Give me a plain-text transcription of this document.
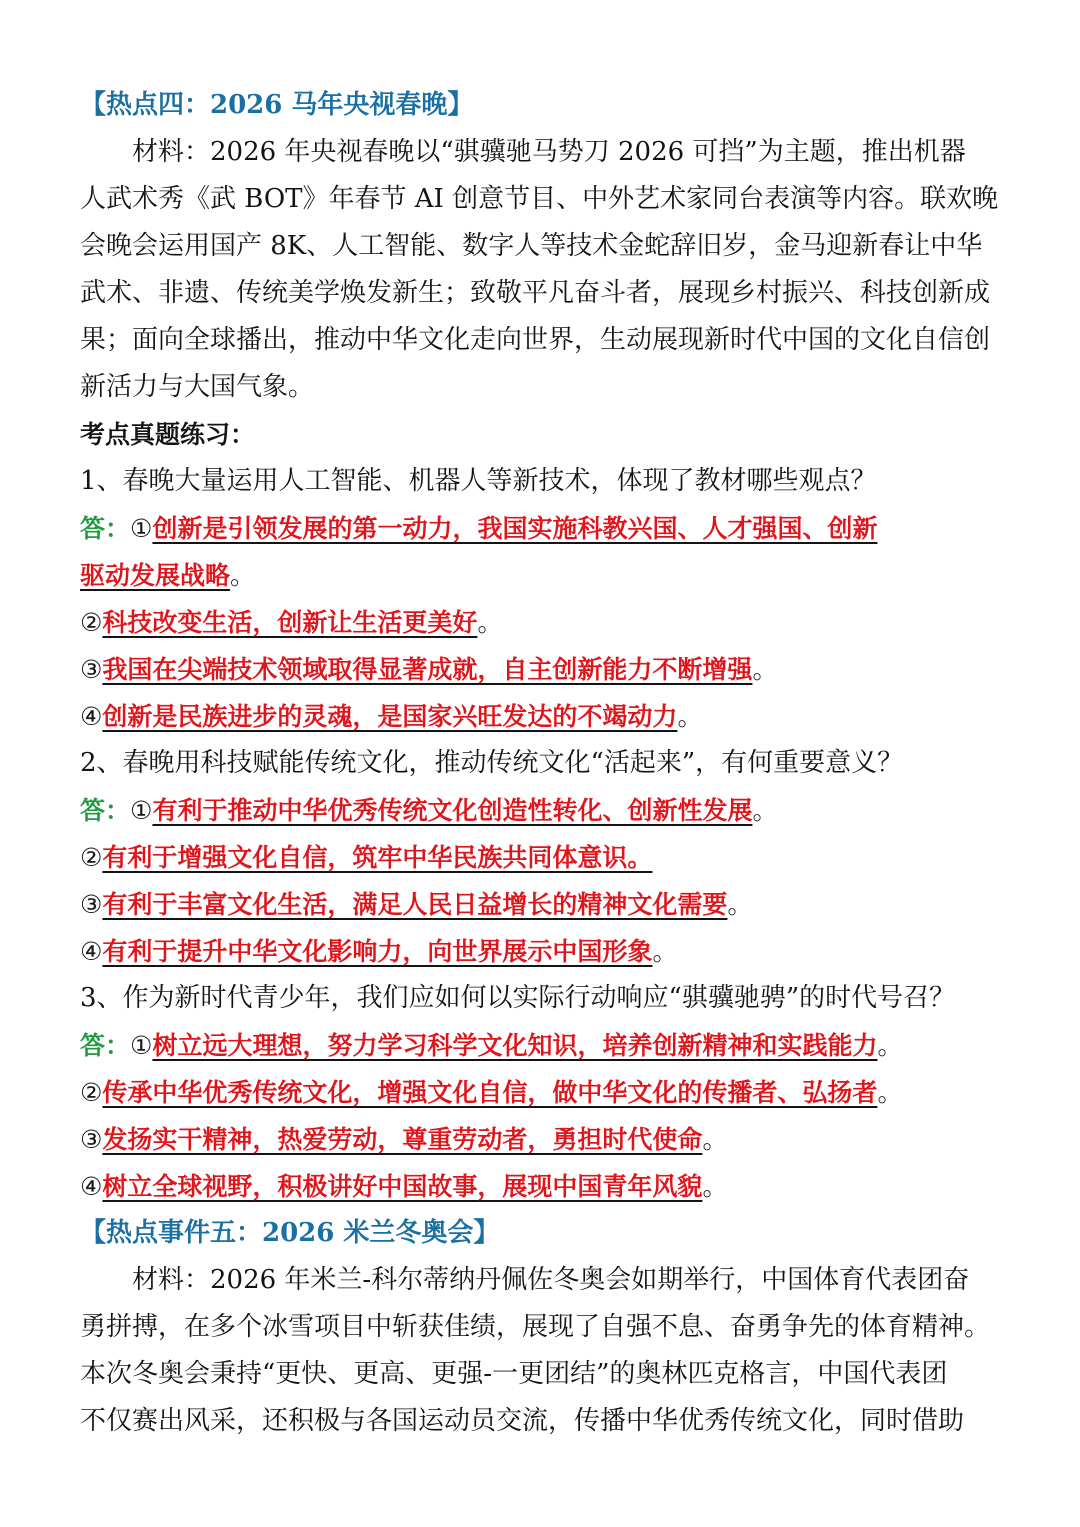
【热点四：2026 马年央视春晚】
材料：2026 年央视春晚以“骐骥驰马势刀 2026 可挡”为主题，推出机器
人武术秀《武 BOT》年春节 AI 创意节目、中外艺术家同台表演等内容。联欢晚
会晚会运用国产 8K、人工智能、数字人等技术金蛇辞旧岁，金马迎新春让中华
武术、非遗、传统美学焕发新生；致敬平凡奋斗者，展现乡村振兴、科技创新成
果；面向全球播出，推动中华文化走向世界，生动展现新时代中国的文化自信创
新活力与大国气象。
考点真题练习：
1、春晚大量运用人工智能、机器人等新技术，体现了教材哪些观点？
答：①创新是引领发展的第一动力，我国实施科教兴国、人才强国、创新
驱动发展战略。
②科技改变生活，创新让生活更美好。
③我国在尖端技术领域取得显著成就，自主创新能力不断增强。
④创新是民族进步的灵魂，是国家兴旺发达的不竭动力。
2、春晚用科技赋能传统文化，推动传统文化“活起来”，有何重要意义？
答：①有利于推动中华优秀传统文化创造性转化、创新性发展。
②有利于增强文化自信，筑牢中华民族共同体意识。
③有利于丰富文化生活，满足人民日益增长的精神文化需要。
④有利于提升中华文化影响力，向世界展示中国形象。
3、作为新时代青少年，我们应如何以实际行动响应“骐骥驰骋”的时代号召？
答：①树立远大理想，努力学习科学文化知识，培养创新精神和实践能力。
②传承中华优秀传统文化，增强文化自信，做中华文化的传播者、弘扬者。
③发扬实干精神，热爱劳动，尊重劳动者，勇担时代使命。
④树立全球视野，积极讲好中国故事，展现中国青年风貌。
【热点事件五：2026 米兰冬奥会】
材料：2026 年米兰-科尔蒂纳丹佩佐冬奥会如期举行，中国体育代表团奋
勇拼搏，在多个冰雪项目中斩获佳绩，展现了自强不息、奋勇争先的体育精神。
本次冬奥会秉持“更快、更高、更强-一更团结”的奥林匹克格言，中国代表团
不仅赛出风采，还积极与各国运动员交流，传播中华优秀传统文化，同时借助
